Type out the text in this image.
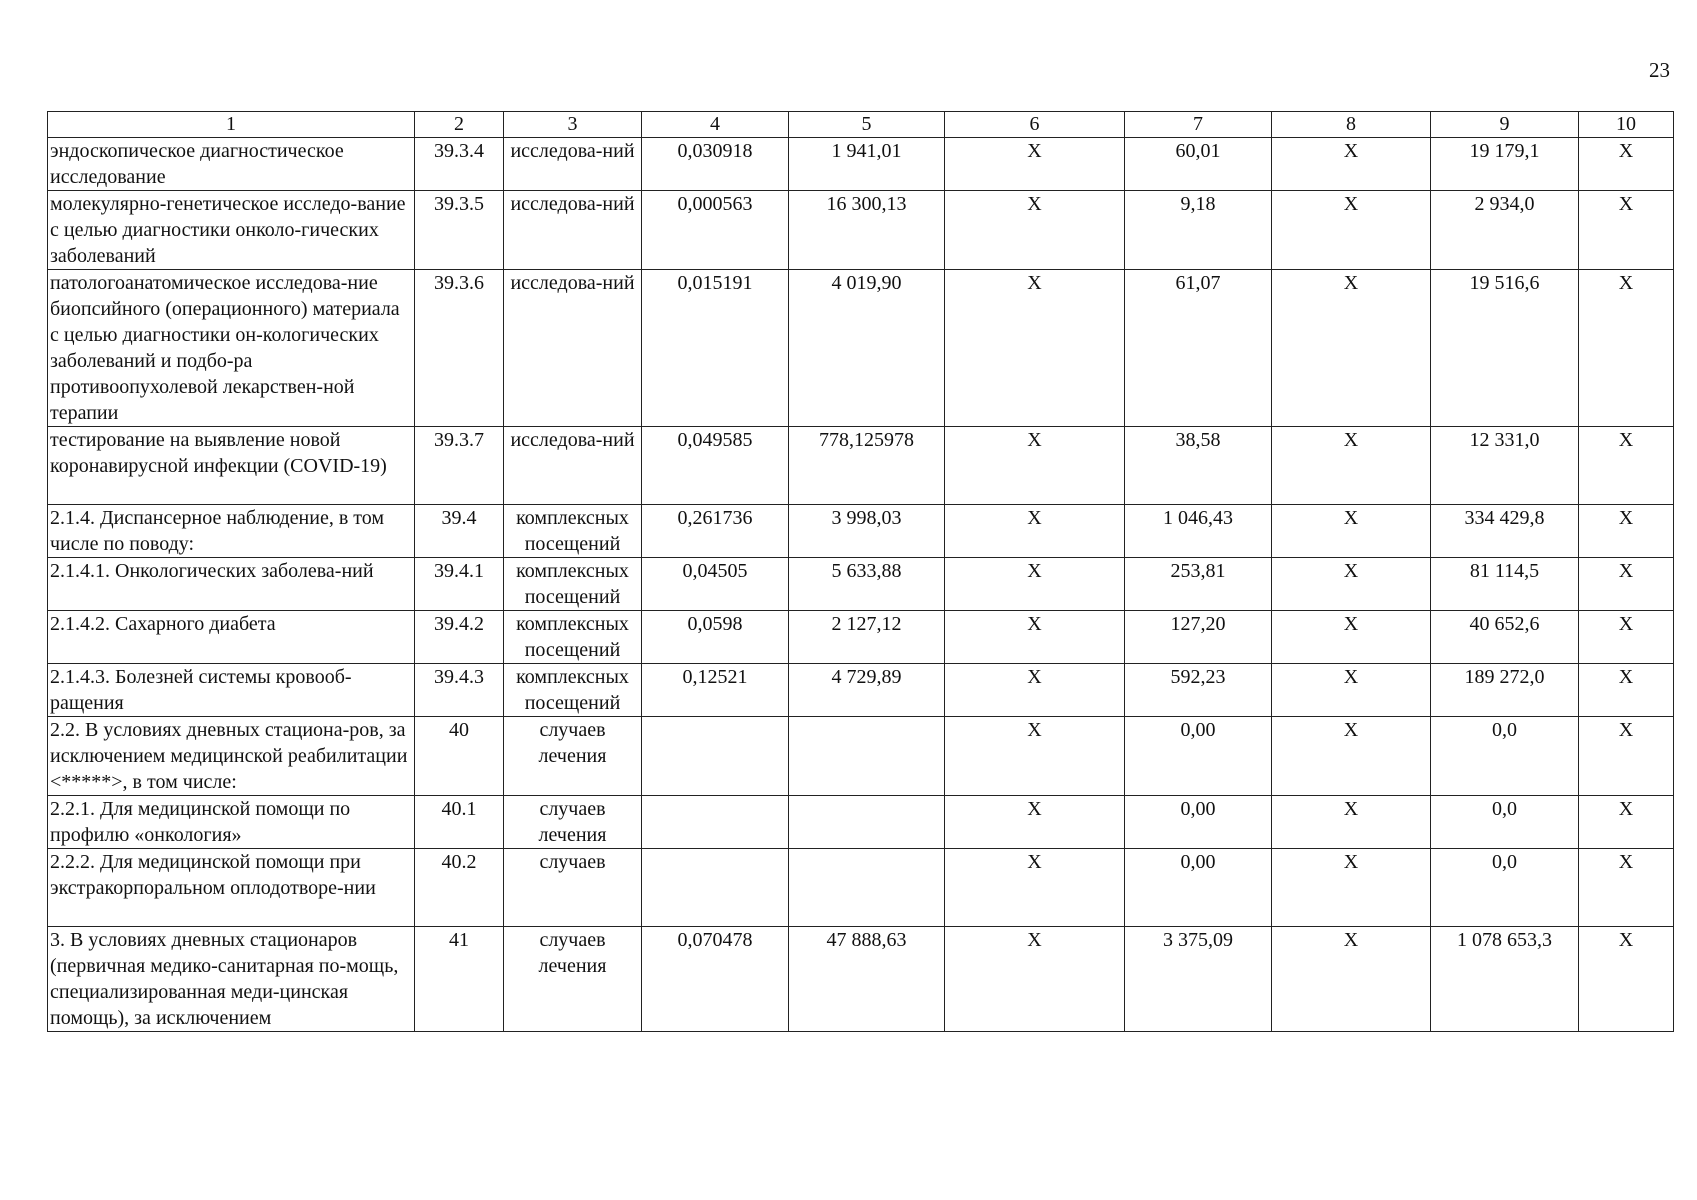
23
1	2	3	4	5	6	7	8	9	10
эндоскопическое диагностическое исследование	39.3.4	исследова-ний	0,030918	1 941,01	Х	60,01	Х	19 179,1	Х
молекулярно-генетическое исследо-вание с целью диагностики онколо-гических заболеваний	39.3.5	исследова-ний	0,000563	16 300,13	Х	9,18	Х	2 934,0	Х
патологоанатомическое исследова-ние биопсийного (операционного) материала с целью диагностики он-кологических заболеваний и подбо-ра противоопухолевой лекарствен-ной терапии	39.3.6	исследова-ний	0,015191	4 019,90	Х	61,07	Х	19 516,6	Х
тестирование на выявление новой коронавирусной инфекции (COVID-19)	39.3.7	исследова-ний	0,049585	778,125978	Х	38,58	Х	12 331,0	Х
2.1.4. Диспансерное наблюдение, в том числе по поводу:	39.4	комплексных посещений	0,261736	3 998,03	Х	1 046,43	Х	334 429,8	Х
2.1.4.1. Онкологических заболева-ний	39.4.1	комплексных посещений	0,04505	5 633,88	Х	253,81	Х	81 114,5	Х
2.1.4.2. Сахарного диабета	39.4.2	комплексных посещений	0,0598	2 127,12	Х	127,20	Х	40 652,6	Х
2.1.4.3. Болезней системы кровооб-ращения	39.4.3	комплексных посещений	0,12521	4 729,89	Х	592,23	Х	189 272,0	Х
2.2. В условиях дневных стациона-ров, за исключением медицинской реабилитации <*****>, в том числе:	40	случаев лечения			Х	0,00	Х	0,0	Х
2.2.1. Для медицинской помощи по профилю «онкология»	40.1	случаев лечения			Х	0,00	Х	0,0	Х
2.2.2. Для медицинской помощи при экстракорпоральном оплодотворе-нии	40.2	случаев			Х	0,00	Х	0,0	Х
3. В условиях дневных стационаров (первичная медико-санитарная по-мощь, специализированная меди-цинская помощь), за исключением	41	случаев лечения	0,070478	47 888,63	Х	3 375,09	Х	1 078 653,3	Х
